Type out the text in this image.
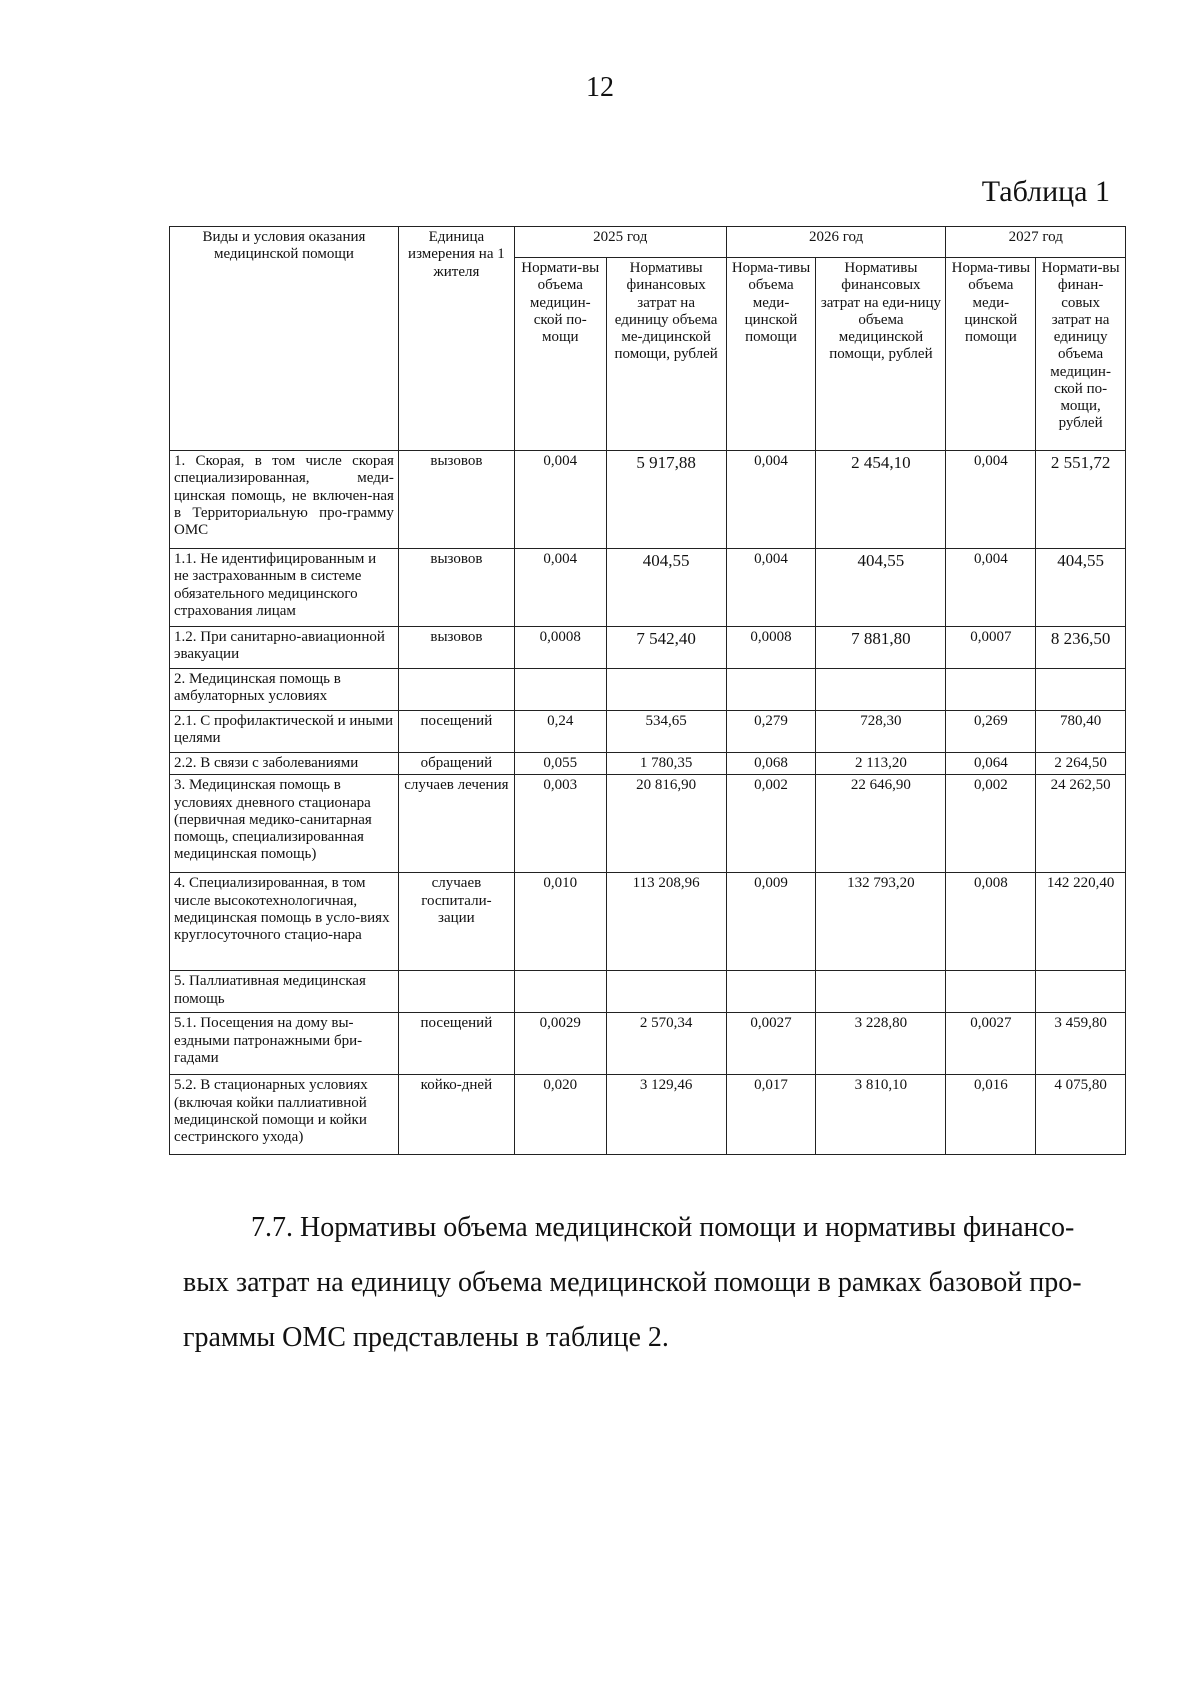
12
Таблица 1
Виды и условия оказания медицинской помощи	Единица измерения на 1 жителя	2025 год		2026 год		2027 год	
		Нормати-вы объема медицин-ской по-мощи	Нормативы финансовых затрат на единицу объема ме-дицинской помощи, рублей	Норма-тивы объема меди-цинской помощи	Нормативы финансовых затрат на еди-ницу объема медицинской помощи, рублей	Норма-тивы объема меди-цинской помощи	Нормати-вы финан-совых затрат на единицу объема медицин-ской по-мощи, рублей
1. Скорая, в том числе скорая специализированная, меди-цинская помощь, не включен-ная в Территориальную про-грамму ОМС	вызовов	0,004	5 917,88	0,004	2 454,10	0,004	2 551,72
1.1. Не идентифицированным и не застрахованным в системе обязательного медицинского страхования лицам	вызовов	0,004	404,55	0,004	404,55	0,004	404,55
1.2. При санитарно-авиационной эвакуации	вызовов	0,0008	7 542,40	0,0008	7 881,80	0,0007	8 236,50
2. Медицинская помощь в амбулаторных условиях							
2.1. С профилактической и иными целями	посещений	0,24	534,65	0,279	728,30	0,269	780,40
2.2. В связи с заболеваниями	обращений	0,055	1 780,35	0,068	2 113,20	0,064	2 264,50
3. Медицинская помощь в условиях дневного стационара (первичная медико-санитарная помощь, специализированная медицинская помощь)	случаев лечения	0,003	20 816,90	0,002	22 646,90	0,002	24 262,50
4. Специализированная, в том числе высокотехнологичная, медицинская помощь в усло-виях круглосуточного стацио-нара	случаев госпитали-зации	0,010	113 208,96	0,009	132 793,20	0,008	142 220,40
5. Паллиативная медицинская помощь							
5.1. Посещения на дому вы-ездными патронажными бри-гадами	посещений	0,0029	2 570,34	0,0027	3 228,80	0,0027	3 459,80
5.2. В стационарных условиях (включая койки паллиативной медицинской помощи и койки сестринского ухода)	койко-дней	0,020	3 129,46	0,017	3 810,10	0,016	4 075,80
7.7. Нормативы объема медицинской помощи и нормативы финансо-
вых затрат на единицу объема медицинской помощи в рамках базовой про-
граммы ОМС представлены в таблице 2.
